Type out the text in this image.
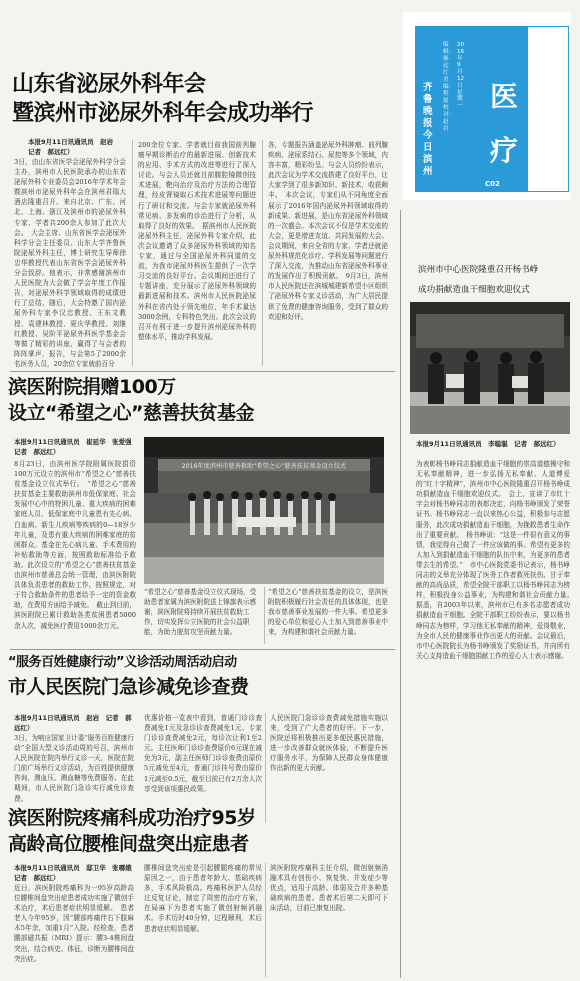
医疗
齐鲁晚报 今日滨州
编辑：郝远红 美编：程磊 校对：赵岩
2016年9月12日 星期一
C02
山东省泌尿外科年会
暨滨州市泌尿外科年会成功举行
本报9月11日讯通讯员　赵岩　记者　郝远红）
3日，由山东省医学会泌尿外科学分会主办，滨州市人民医院承办的山东省泌尿外科专业委员会2016年学术年会暨滨州市泌尿外科年会在滨州君瑞大酒店隆重召开。来自北京、广东、河北、上海、浙江及滨州市的泌尿外科专家、学者共200余人参加了此次大会。　大会主席、山东省医学会泌尿外科学分会主任委员、山东大学齐鲁医院泌尿外科主任，博士研究生导师徐忠华教授代表山东省医学会泌尿外科分会致辞。他表示，非常感谢滨州市人民医院为大会做了学会年度工作报告，对泌尿外科学领域取得的成绩进行了总结，随后，大会特邀了国内泌尿外科专家李汉忠教授、王东文教授、袁建林教授、夏庆华教授、刘继红教授、吴阶平泌尿外科医学基金会等做了精彩的讲座，赢得了与会者的阵阵掌声，报告，与会第5了2000余名医务人员，20余位专家就前百分
200余位专家、学者就目前我国前列腺癌早期诊断治疗的最新进展、创新技术的应用、手术方式的改进等进行了深入讨论。与会人员还就目前腹腔镜微创技术进展，靶向治疗及治疗方法的合理管理，经皮肾镜取石术技术进展等问题进行了研讨和交流。与会专家就泌尿外科常见病、多发病的诊治进行了分析，从取得了良好的效果。　据滨州市人民医院泌尿外科主任，泌尿外科专家介绍，此次会议邀请了众多泌尿外科领域的知名专家，通过与全国泌尿外科同道的交流，为我市泌尿外科医生提供了一次学习交流的良好平台。会议期间还进行了专题讲座，充分展示了泌尿外科领域的最新进展和技术。滨州市人民医院泌尿外科在省内处于领先地位，年手术量达3000余例，专科特色突出。此次会议的召开有利于进一步提升滨州泌尿外科的整体水平，推动学科发展。
各，专题报告涵盖泌尿外科肿瘤、前列腺疾病、泌尿系结石、尿控等多个领域，内容丰富，精彩纷呈。与会人员纷纷表示，此次会议为学术交流搭建了良好平台，让大家学到了很多新知识、新技术，收获颇丰。　本次会议，专家们从不同角度全面展示了2016年国内泌尿外科领域取得的新成果、新进展，是山东省泌尿外科领域的一次盛会。本次会议不仅是学术交流的大会，更是增进友谊、共同发展的大会。会议期间，来自全省的专家、学者还就泌尿外科规范化诊疗、学科发展等问题进行了深入交流，为推动山东省泌尿外科事业的发展作出了积极贡献。　9月3日，滨州市人民医院还在滨城城建新希望小区组织了泌尿外科专家义诊活动，为广大居民提供了免费的健康咨询服务，受到了群众的欢迎和好评。
滨医附院捐赠100万
设立“希望之心”慈善扶贫基金
本报9月11日讯通讯员　崔延华　张爱强　记者　郝远红）
8月23日，由滨州医学院附属医院捐资100万元设立的滨州市“希望之心”慈善扶贫基金设立仪式举行。　“希望之心”慈善扶贫基金主要救助滨州市低保家庭、社会发展中心中的特困儿童、重大疾病的困难家庭人员、低保家庭中儿童患有先心病、白血病、新生儿疾病等疾病的0—18岁少年儿童，及患有重大疾病的困难家庭的贫困群众。基金在先心病儿童、手术费用的补贴救助等方面，按照救助标准给予救助。此次设立的“希望之心”慈善扶贫基金由滨州市慈善总会统一管理，由滨医附院具体负责患者的救助工作。按照规定，对于符合救助条件的患者给予一定的资金救助，在费用方面给予减免。　截止到目前，滨医附院已累计救助各类贫困患者5000余人次，减免医疗费用1000余万元。
2016年度滨州市慈善救助“希望之心”慈善扶贫基金设立仪式
“希望之心”慈善基金设立仪式现场，受助患者家属为滨医附院送上锦旗表示感谢，滨医附院将持续开展扶贫救助工作，切实发挥公立医院的社会公益职能，为助力脱贫攻坚贡献力量。
“希望之心”慈善扶贫基金的设立，是滨医附院积极履行社会责任的具体体现，也是我市慈善事业发展的一件大事。希望更多的爱心单位和爱心人士加入到慈善事业中来，为构建和谐社会贡献力量。
“服务百姓健康行动”义诊活动周活动启动
市人民医院门急诊减免诊查费
本报9月11日讯通讯员　赵岩　记者　郝远红）
3日，为响应国家卫计委“服务百姓健康行动”全国大型义诊活动周的号召，滨州市人民医院在院内举行义诊一天，医院在院门前广场举行义诊活动，为百姓提供健康咨询、测血压、测血糖等免费服务。在此期间，市人民医院门急诊实行减免诊查费。
优惠价格一览表中看到，普通门诊诊查费减免1元及急诊诊查费减免1元、专家门诊诊查费减免2元，每诊次让利1至2元。主任医师门诊诊查费原价6元现在减免为3元，副主任医师门诊诊查费由原价5元减免至4元，普通门诊挂号费由原价1元减至0.5元，截至目前已有2万余人次享受到该项惠民政策。
人民医院门急诊诊查费减免措施实施以来，受到了广大患者的好评。下一步，医院还将积极推出更多便民惠民措施，进一步改善群众就医体验，不断提升医疗服务水平，为保障人民群众身体健康作出新的更大贡献。
滨医附院疼痛科成功治疗95岁
高龄高位腰椎间盘突出症患者
本报9月11日讯通讯员　邸卫华　张哪娥　记者　郝远红）
近日，滨医附院疼痛科为一95岁高龄高位腰椎间盘突出症患者成功实施了微创手术治疗，术后患者症状明显缓解。　患者老人今年95岁，因“腰部疼痛伴右下肢麻木5年余，加重1月”入院。经检查，患者腰部磁共振（MRI）提示：腰3-4椎间盘突出，结合病史、体征，诊断为腰椎间盘突出症。
腰椎间盘突出症是引起腰腿疼痛的常见原因之一，由于患者年龄大、基础疾病多，手术风险极高。疼痛科医护人员经过反复讨论，制定了周密的治疗方案，在局麻下为患者实施了微创射频消融术。手术历时40分钟，过程顺利，术后患者症状明显缓解。
滨医附院疼痛科主任介绍，微创射频消融术具有创伤小、恢复快、并发症少等优点，适用于高龄、体弱及合并多种基础疾病的患者。患者术后第二天即可下床活动，目前已康复出院。
滨州市中心医院隆重召开杨书峥
成功捐献造血干细胞欢迎仪式
本报9月11日讯通讯员　李聪聪　记者　郝远红）
为表彰杨书峥同志捐献造血干细胞的崇高道德操守和无私奉献精神，进一步弘扬无私奉献、人道博爱的“红十字精神”，滨州市中心医院隆重召开杨书峥成功捐献造血干细胞欢迎仪式。　会上，宣读了市红十字会对杨书峥同志的表彰决定，向杨书峥颁发了荣誉证书。杨书峥同志一直以来热心公益，积极参与志愿服务，此次成功捐献造血干细胞，为挽救患者生命作出了重要贡献。　杨书峥说：“这是一件很有意义的事情，我觉得自己做了一件应该做的事。希望有更多的人加入到捐献造血干细胞的队伍中来，为更多的患者带去生的希望。”　市中心医院党委书记表示，杨书峥同志的义举充分体现了医务工作者救死扶伤、甘于奉献的高尚品质，希望全院干部职工以杨书峥同志为榜样，积极投身公益事业，为构建和谐社会贡献力量。　据悉，自2003年以来，滨州市已有多名志愿者成功捐献造血干细胞。全院干部职工纷纷表示，要以杨书峥同志为榜样，学习他无私奉献的精神，爱岗敬业，为全市人民的健康事业作出更大的贡献。会议最后，市中心医院院长为杨书峥颁发了奖励证书，并向所有关心支持造血干细胞捐献工作的爱心人士表示感谢。
